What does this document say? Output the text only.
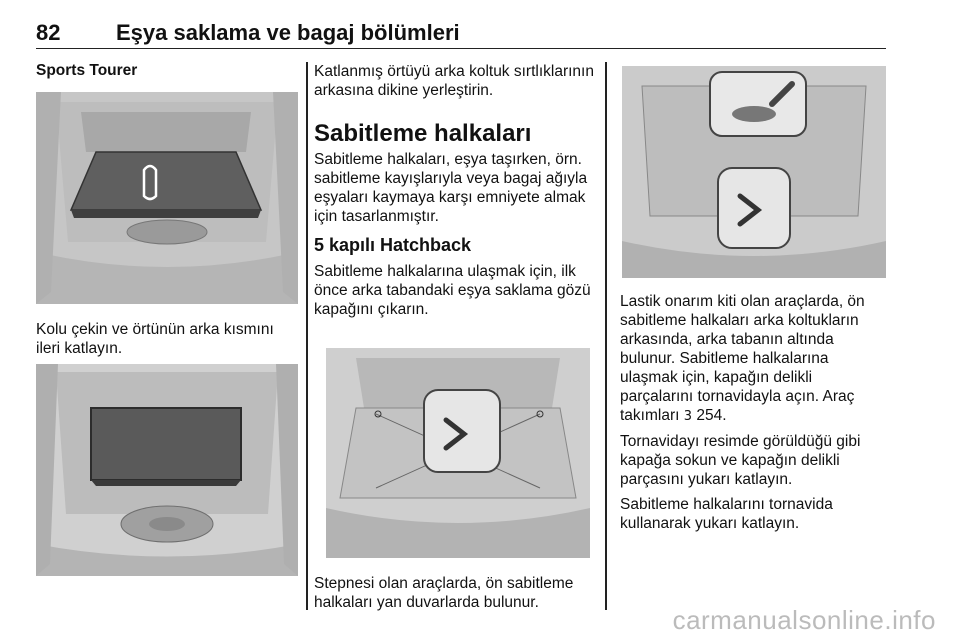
82	Eşya saklama ve bagaj bölümleri

Sports Tourer

Kolu çekin ve örtünün arka kısmını ileri katlayın.

Katlanmış örtüyü arka koltuk sırtlıklarının arkasına dikine yerleştirin.

Sabitleme halkaları

Sabitleme halkaları, eşya taşırken, örn. sabitleme kayışlarıyla veya bagaj ağıyla eşyaları kaymaya karşı emniyete almak için tasarlanmıştır.

5 kapılı Hatchback

Sabitleme halkalarına ulaşmak için, ilk önce arka tabandaki eşya saklama gözü kapağını çıkarın.

Stepnesi olan araçlarda, ön sabitleme halkaları yan duvarlarda bulunur.

Lastik onarım kiti olan araçlarda, ön sabitleme halkaları arka koltukların arkasında, arka tabanın altında bulunur. Sabitleme halkalarına ulaşmak için, kapağın delikli parçalarını tornavidayla açın. Araç takımları 3 254.

Tornavidayı resimde görüldüğü gibi kapağa sokun ve kapağın delikli parçasını yukarı katlayın.

Sabitleme halkalarını tornavida kullanarak yukarı katlayın.

carmanualsonline.info
